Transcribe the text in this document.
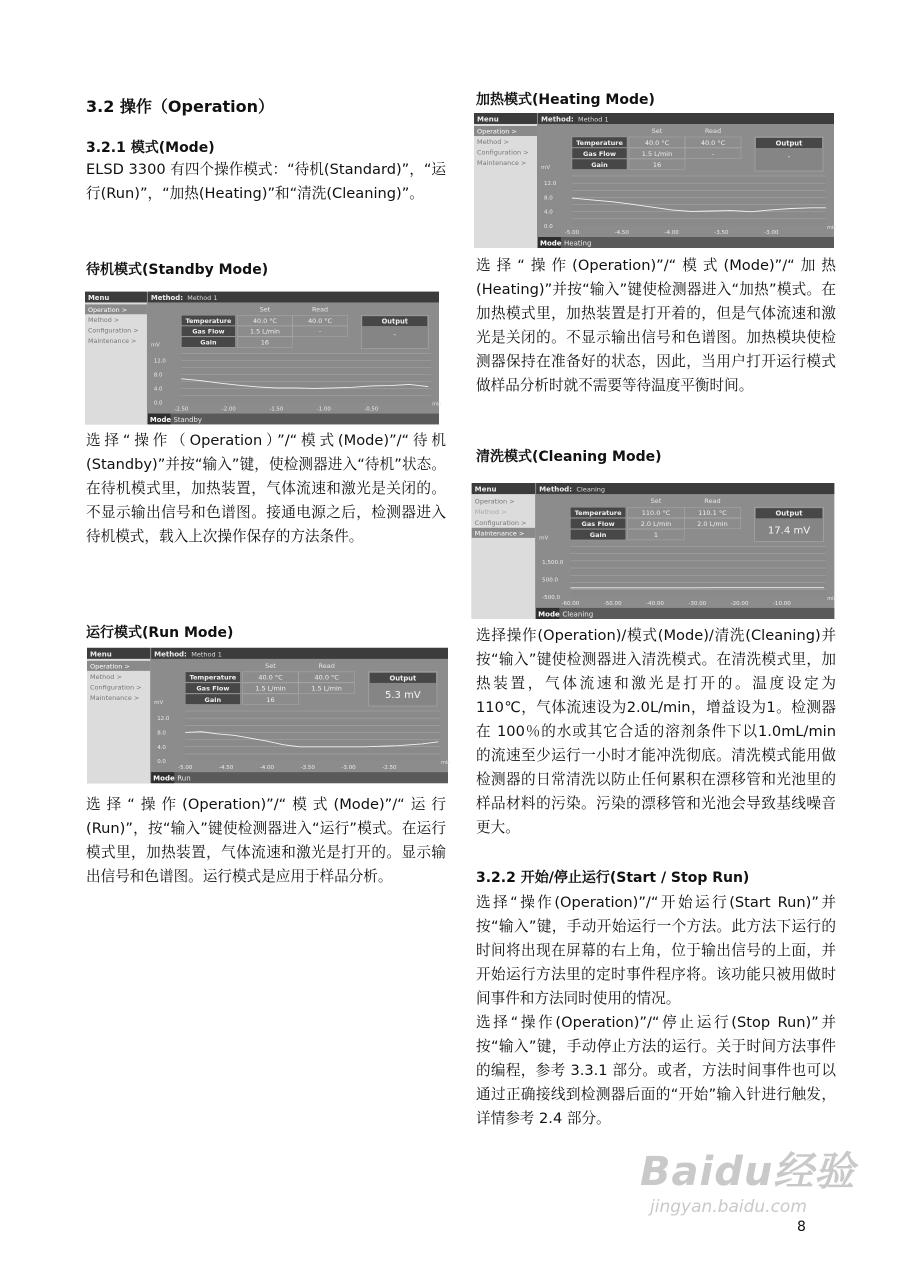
3.2 操作（Operation）
3.2.1 模式(Mode)
ELSD 3300 有四个操作模式：“待机(Standard)”，“运行(Run)”，“加热(Heating)”和“清洗(Cleaning)”。
待机模式(Standby Mode)
Menu
Operation >
Method >
Configuration >
Maintenance >
Method: Method 1
Set	Read
Temperature	40.0 °C	40.0 °C
Gas Flow	1.5 L/min	-
Gain	16
Output
-
mV
min
12.0
8.0
4.0
0.0
-2.50	-2.00	-1.50	-1.00	-0.50
Mode Standby
选择“操作（Operation）”/“模式(Mode)”/“待机(Standby)”并按“输入”键，使检测器进入“待机”状态。在待机模式里，加热装置，气体流速和激光是关闭的。不显示输出信号和色谱图。接通电源之后，检测器进入待机模式，载入上次操作保存的方法条件。
运行模式(Run Mode)
Menu
Operation >
Method >
Configuration >
Maintenance >
Method: Method 1
Set	Read
Temperature	40.0 °C	40.0 °C
Gas Flow	1.5 L/min	1.5 L/min
Gain	16
Output
5.3 mV
mV
min
12.0
8.0
4.0
0.0
-5.00	-4.50	-4.00	-3.50	-3.00	-2.50
Mode Run
选择“操作(Operation)”/“模式(Mode)”/“运行(Run)”，按“输入”键使检测器进入“运行”模式。在运行模式里，加热装置，气体流速和激光是打开的。显示输出信号和色谱图。运行模式是应用于样品分析。
加热模式(Heating Mode)
Menu
Operation >
Method >
Configuration >
Maintenance >
Method: Method 1
Set	Read
Temperature	40.0 °C	40.0 °C
Gas Flow	1.5 L/min	-
Gain	16
Output
-
mV
min
12.0
8.0
4.0
0.0
-5.00	-4.50	-4.00	-3.50	-3.00
Mode Heating
选择“操作(Operation)”/“模式(Mode)”/“加热(Heating)”并按“输入”键使检测器进入“加热”模式。在加热模式里，加热装置是打开着的，但是气体流速和激光是关闭的。不显示输出信号和色谱图。加热模块使检测器保持在准备好的状态，因此，当用户打开运行模式做样品分析时就不需要等待温度平衡时间。
清洗模式(Cleaning Mode)
Menu
Operation >
Method >
Configuration >
Maintenance >
Method: Cleaning
Set	Read
Temperature	110.0 °C	110.1 °C
Gas Flow	2.0 L/min	2.0 L/min
Gain	1
Output
17.4 mV
mV
min
1,500.0
500.0
-500.0
-60.00	-50.00	-40.00	-30.00	-20.00	-10.00
Mode Cleaning
选择操作(Operation)/模式(Mode)/清洗(Cleaning)并按“输入”键使检测器进入清洗模式。在清洗模式里，加热装置，气体流速和激光是打开的。温度设定为110℃，气体流速设为2.0L/min，增益设为1。检测器在 100％的水或其它合适的溶剂条件下以1.0mL/min 的流速至少运行一小时才能冲洗彻底。清洗模式能用做检测器的日常清洗以防止任何累积在漂移管和光池里的样品材料的污染。污染的漂移管和光池会导致基线噪音更大。
3.2.2 开始/停止运行(Start / Stop Run)
选择“操作(Operation)”/“开始运行(Start Run)”并按“输入”键，手动开始运行一个方法。此方法下运行的时间将出现在屏幕的右上角，位于输出信号的上面，并开始运行方法里的定时事件程序将。该功能只被用做时间事件和方法同时使用的情况。
选择“操作(Operation)”/“停止运行(Stop Run)”并按“输入”键，手动停止方法的运行。关于时间方法事件的编程，参考 3.3.1 部分。或者，方法时间事件也可以通过正确接线到检测器后面的“开始”输入针进行触发，详情参考 2.4 部分。
Baidu经验
jingyan.baidu.com
8
